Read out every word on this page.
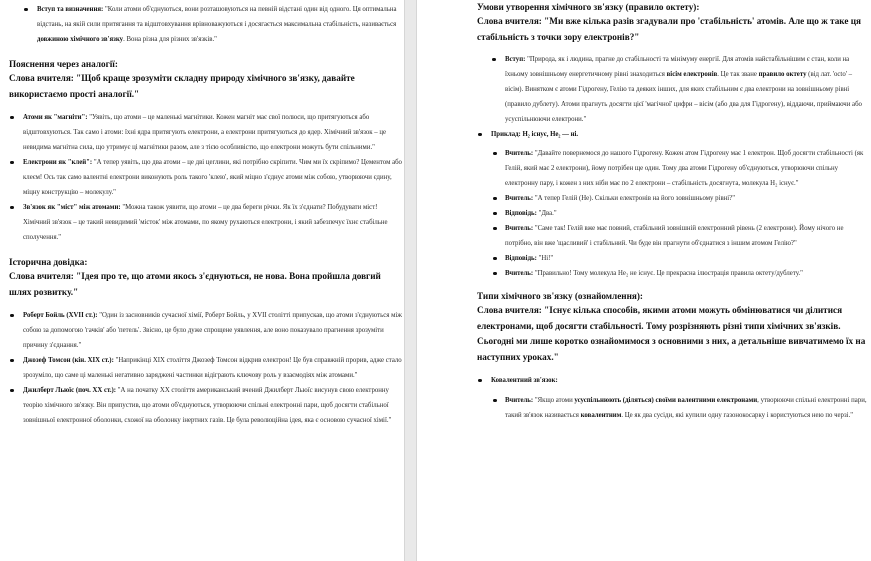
Вступ та визначення: "Коли атоми об'єднуються, вони розташовуються на певній відстані один від одного. Ця оптимальна відстань, на якій сили притягання та відштовхування врівноважуються і досягається максимальна стабільність, називається довжиною хімічного зв'язку. Вона різна для різних зв'язків."

Пояснення через аналогії:

Слова вчителя: "Щоб краще зрозуміти складну природу хімічного зв'язку, давайте використаємо прості аналогії."

Атоми як "магніти": "Уявіть, що атоми – це маленькі магнітики. Кожен магніт має свої полюси, що притягуються або відштовхуються. Так само і атоми: їхні ядра притягують електрони, а електрони притягуються до ядер. Хімічний зв'язок – це невидима магнітна сила, що утримує ці магнітики разом, але з тією особливістю, що електрони можуть бути спільними."
Електрони як "клей": "А тепер уявіть, що два атоми – це дві цеглини, які потрібно скріпити. Чим ми їх скріпимо? Цементом або клеєм! Ось так само валентні електрони виконують роль такого 'клею', який міцно з'єднує атоми між собою, утворюючи єдину, міцну конструкцію – молекулу."
Зв'язок як "міст" між атомами: "Можна також уявити, що атоми – це два береги річки. Як їх з'єднати? Побудувати міст! Хімічний зв'язок – це такий невидимий 'місток' між атомами, по якому рухаються електрони, і який забезпечує їхнє стабільне сполучення."

Історична довідка:

Слова вчителя: "Ідея про те, що атоми якось з'єднуються, не нова. Вона пройшла довгий шлях розвитку."

Роберт Бойль (XVII ст.): "Один із засновників сучасної хімії, Роберт Бойль, у XVII столітті припускав, що атоми з'єднуються між собою за допомогою 'гачків' або 'петель'. Звісно, це було дуже спрощене уявлення, але воно показувало прагнення зрозуміти причину з'єднання."
Джозеф Томсон (кін. XIX ст.): "Наприкінці XIX століття Джозеф Томсон відкрив електрон! Це був справжній прорив, адже стало зрозуміло, що саме ці маленькі негативно заряджені частинки відіграють ключову роль у взаємодіях між атомами."
Джилберт Льюїс (поч. XX ст.): "А на початку XX століття американський вчений Джилберт Льюїс висунув свою електронну теорію хімічного зв'язку. Він припустив, що атоми об'єднуються, утворюючи спільні електронні пари, щоб досягти стабільної зовнішньої електронної оболонки, схожої на оболонку інертних газів. Це була революційна ідея, яка є основою сучасної хімії."

Умови утворення хімічного зв'язку (правило октету):

Слова вчителя: "Ми вже кілька разів згадували про 'стабільність' атомів. Але що ж таке ця стабільність з точки зору електронів?"

Вступ: "Природа, як і людина, прагне до стабільності та мінімуму енергії. Для атомів найстабільнішим є стан, коли на їхньому зовнішньому енергетичному рівні знаходиться вісім електронів. Це так зване правило октету (від лат. 'octo' – вісім). Винятком є атоми Гідрогену, Гелію та деяких інших, для яких стабільним є два електрони на зовнішньому рівні (правило дублету). Атоми прагнуть досягти цієї 'магічної' цифри – вісім (або два для Гідрогену), віддаючи, приймаючи або усуспільнюючи електрони."
Приклад: H₂ існує, He₂ — ні.
Вчитель: "Давайте повернемося до нашого Гідрогену. Кожен атом Гідрогену має 1 електрон. Щоб досягти стабільності (як Гелій, який має 2 електрони), йому потрібен ще один. Тому два атоми Гідрогену об'єднуються, утворюючи спільну електронну пару, і кожен з них ніби має по 2 електрони – стабільність досягнута, молекула H₂ існує."
Вчитель: "А тепер Гелій (He). Скільки електронів на його зовнішньому рівні?"
Відповідь: "Два."
Вчитель: "Саме так! Гелій вже має повний, стабільний зовнішній електронний рівень (2 електрони). Йому нічого не потрібно, він вже 'щасливий' і стабільний. Чи буде він прагнути об'єднатися з іншим атомом Гелію?"
Відповідь: "Ні!"
Вчитель: "Правильно! Тому молекула He₂ не існує. Це прекрасна ілюстрація правила октету/дублету."

Типи хімічного зв'язку (ознайомлення):

Слова вчителя: "Існує кілька способів, якими атоми можуть обмінюватися чи ділитися електронами, щоб досягти стабільності. Тому розрізняють різні типи хімічних зв'язків. Сьогодні ми лише коротко ознайомимося з основними з них, а детальніше вивчатимемо їх на наступних уроках."

Ковалентний зв'язок:
Вчитель: "Якщо атоми усуспільнюють (діляться) своїми валентними електронами, утворюючи спільні електронні пари, такий зв'язок називається ковалентним. Це як два сусіди, які купили одну газонокосарку і користуються нею по черзі."
